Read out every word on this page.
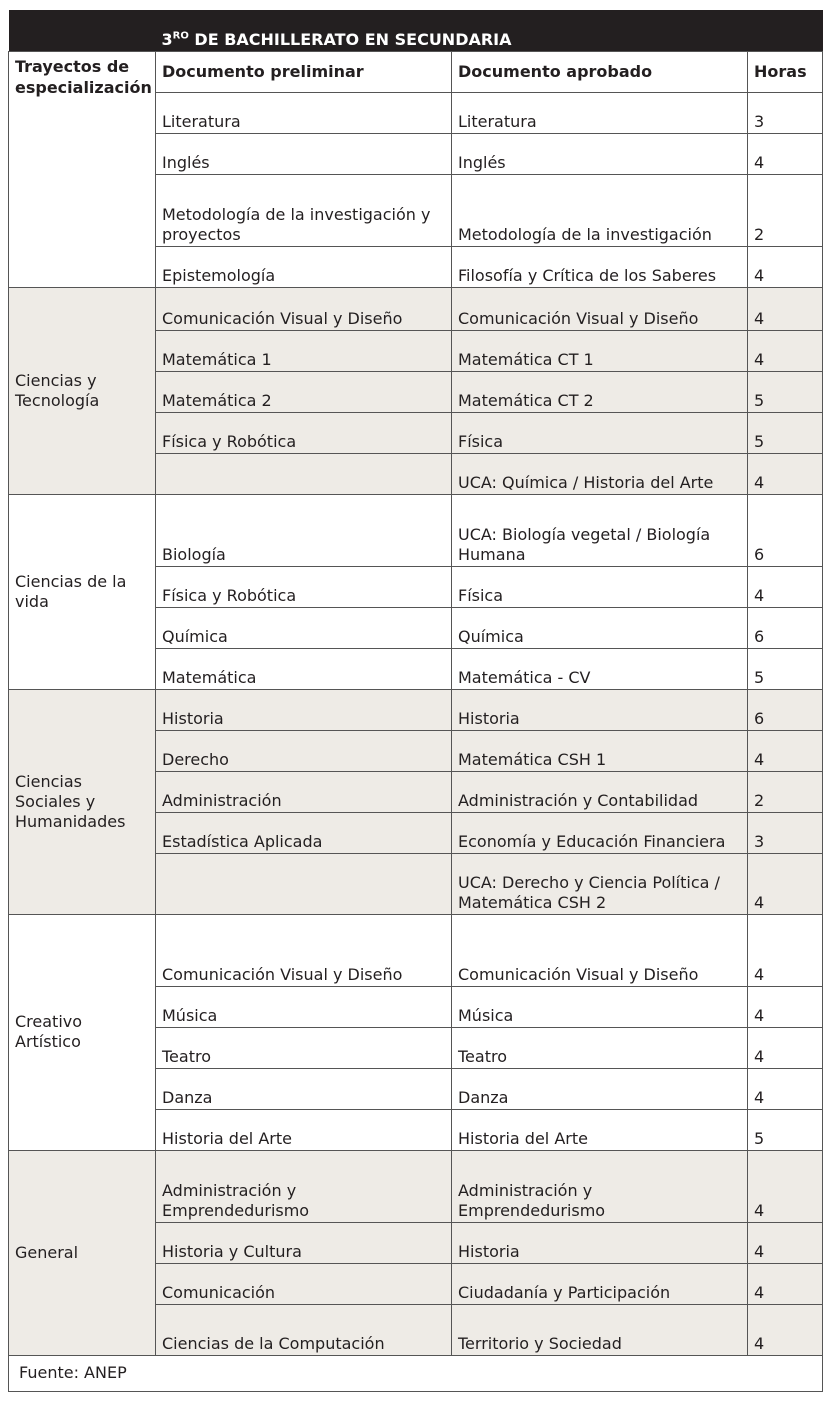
	$3^{RO}$ DE BACHILLERATO EN SECUNDARIA		
Trayectos de especialización	Documento preliminar	Documento aprobado	Horas
	Literatura	Literatura	3
	Inglés	Inglés	4
	Metodología de la investigación y proyectos	Metodología de la investigación	2
	Epistemología	Filosofía y Crítica de los Saberes	4
Ciencias y Tecnología	Comunicación Visual y Diseño	Comunicación Visual y Diseño	4
	Matemática 1	Matemática CT 1	4
	Matemática 2	Matemática CT 2	5
	Física y Robótica	Física	5
		UCA: Química / Historia del Arte	4
Ciencias de la vida	Biología	UCA: Biología vegetal / Biología Humana	6
	Física y Robótica	Física	4
	Química	Química	6
	Matemática	Matemática - CV	5
Ciencias Sociales y Humanidades	Historia	Historia	6
	Derecho	Matemática CSH 1	4
	Administración	Administración y Contabilidad	2
	Estadística Aplicada	Economía y Educación Financiera	3
		UCA: Derecho y Ciencia Política / Matemática CSH 2	4
Creativo Artístico	Comunicación Visual y Diseño	Comunicación Visual y Diseño	4
	Música	Música	4
	Teatro	Teatro	4
	Danza	Danza	4
	Historia del Arte	Historia del Arte	5
General	Administración y Emprendedurismo	Administración y Emprendedurismo	4
	Historia y Cultura	Historia	4
	Comunicación	Ciudadanía y Participación	4
	Ciencias de la Computación	Territorio y Sociedad	4
Fuente: ANEP			
